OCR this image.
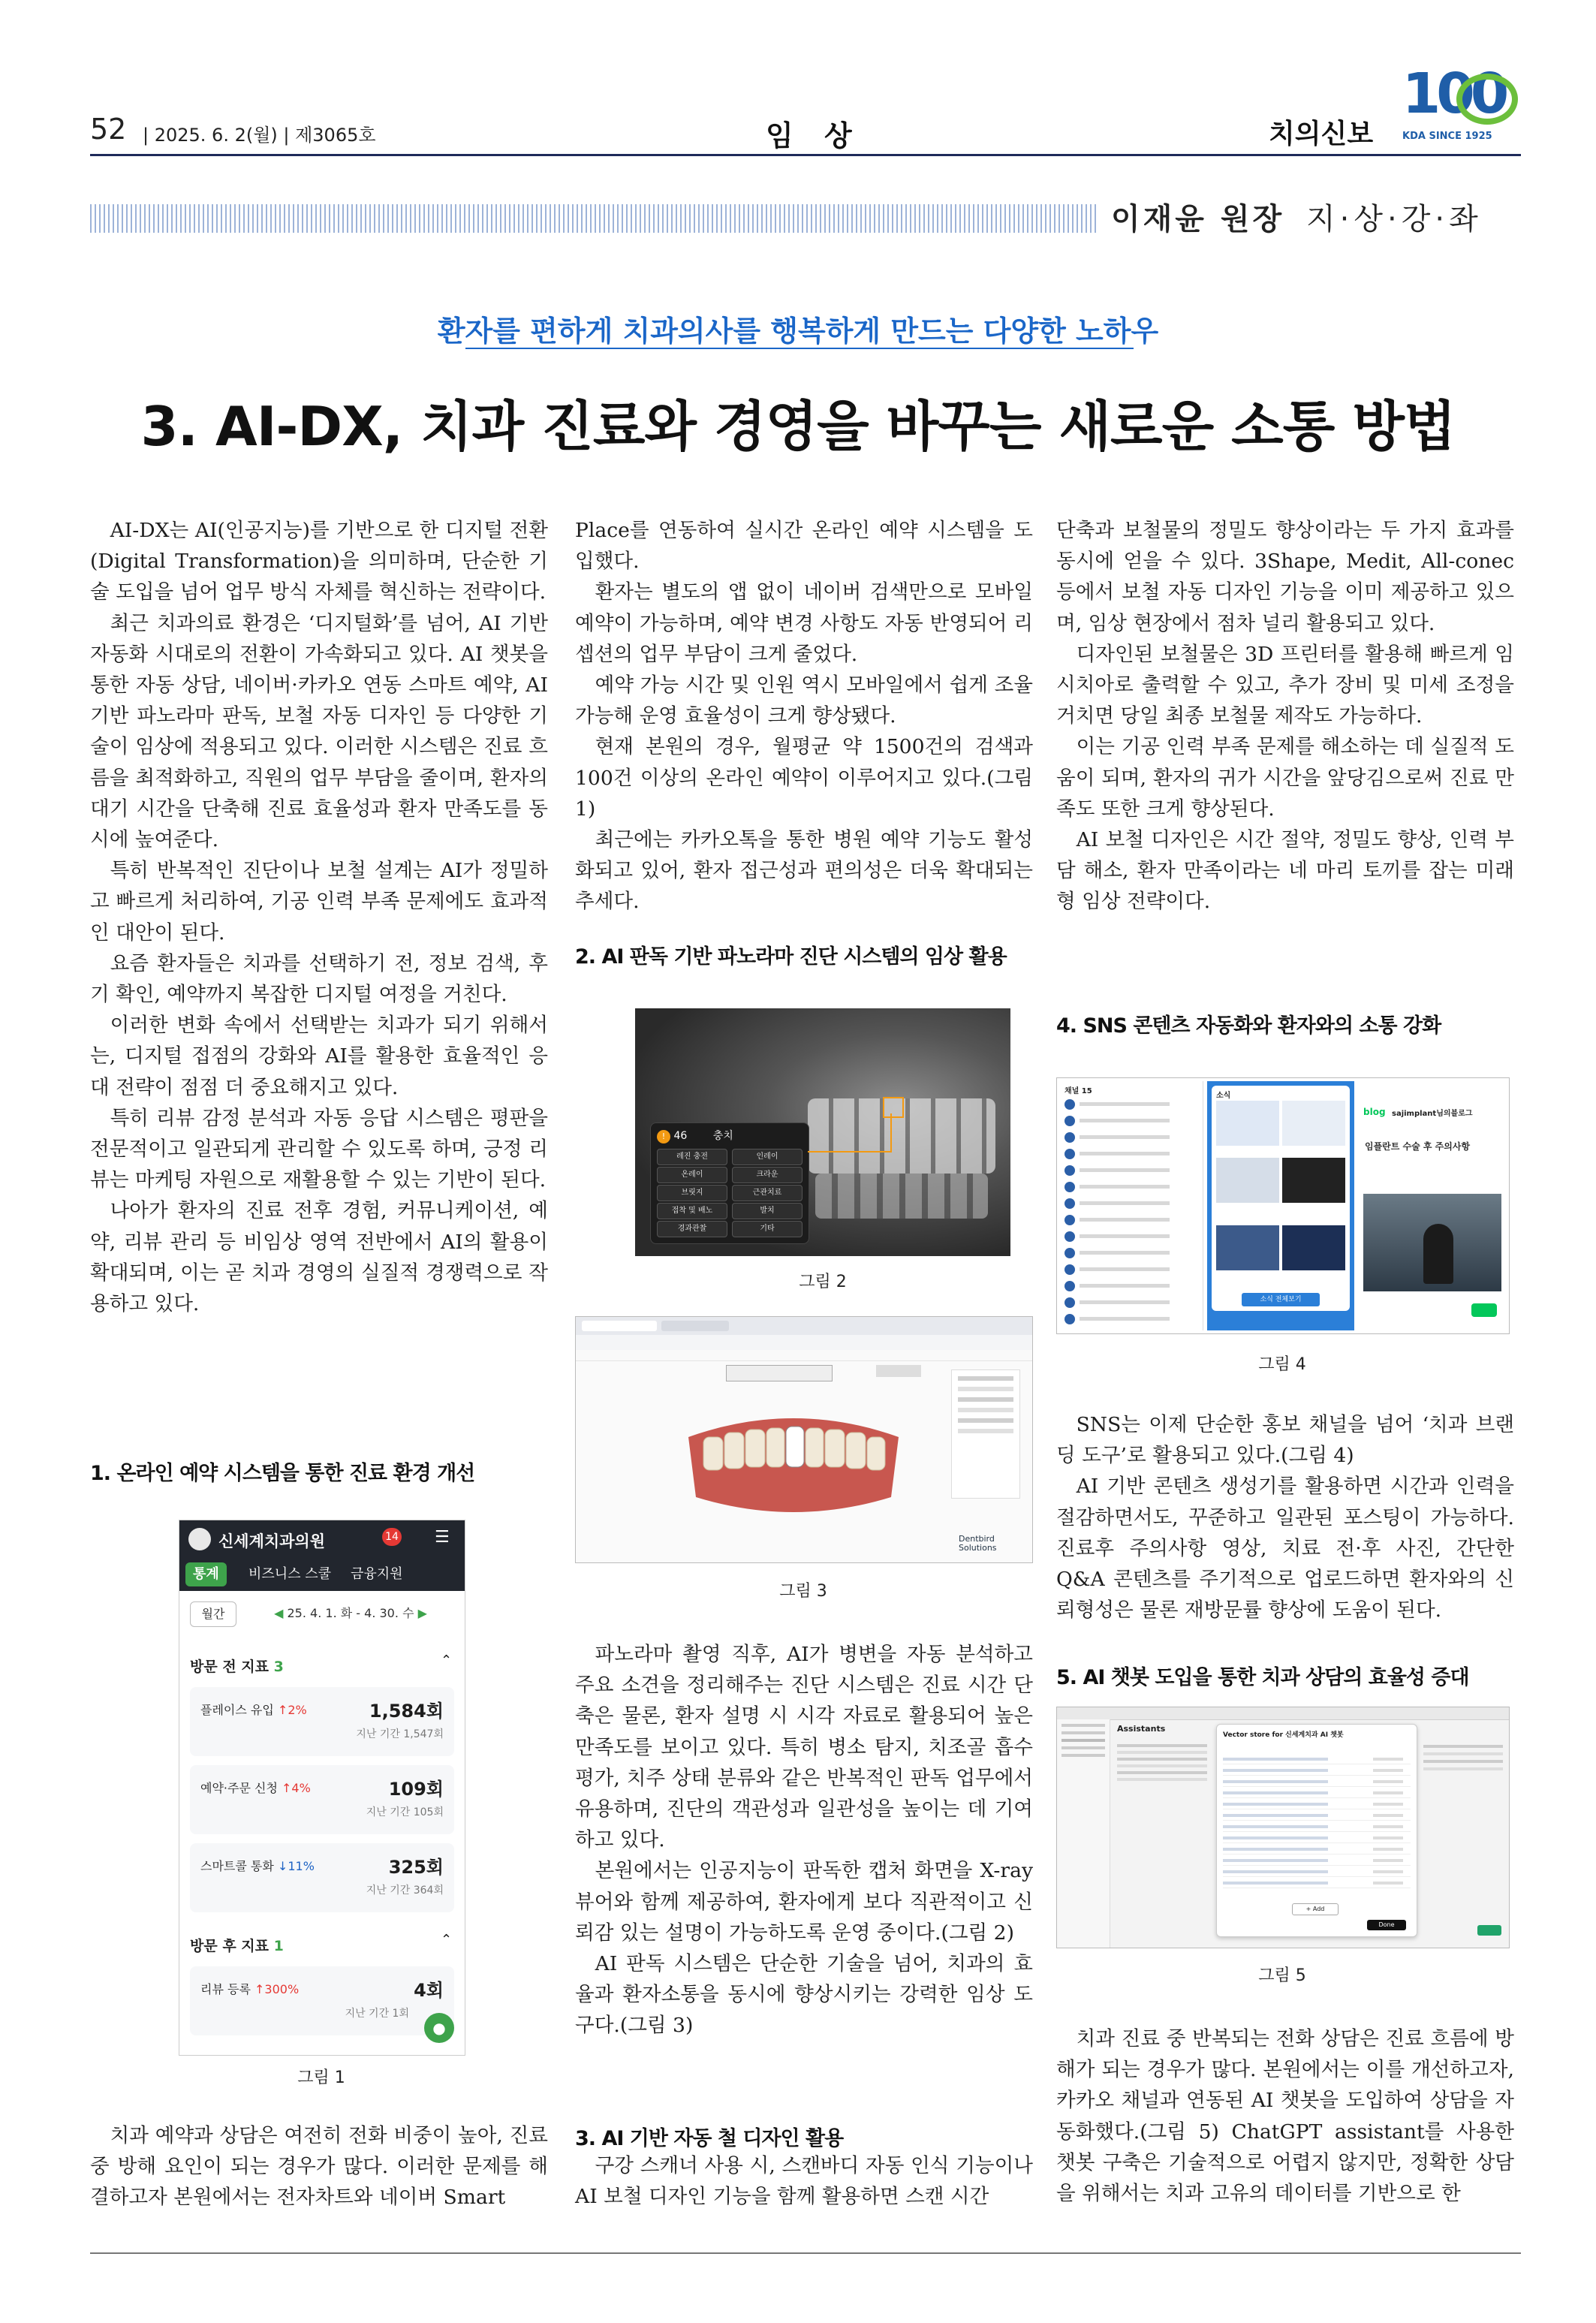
52 | 2025. 6. 2(월) | 제3065호	임 상	치의신보
100
KDA SINCE 1925
이재윤 원장 지·상·강·좌
환자를 편하게 치과의사를 행복하게 만드는 다양한 노하우
3. AI-DX, 치과 진료와 경영을 바꾸는 새로운 소통 방법

AI-DX는 AI(인공지능)를 기반으로 한 디지털 전환(Digital Transformation)을 의미하며, 단순한 기술 도입을 넘어 업무 방식 자체를 혁신하는 전략이다.

최근 치과의료 환경은 ‘디지털화’를 넘어, AI 기반 자동화 시대로의 전환이 가속화되고 있다. AI 챗봇을 통한 자동 상담, 네이버·카카오 연동 스마트 예약, AI 기반 파노라마 판독, 보철 자동 디자인 등 다양한 기술이 임상에 적용되고 있다. 이러한 시스템은 진료 흐름을 최적화하고, 직원의 업무 부담을 줄이며, 환자의 대기 시간을 단축해 진료 효율성과 환자 만족도를 동시에 높여준다.

특히 반복적인 진단이나 보철 설계는 AI가 정밀하고 빠르게 처리하여, 기공 인력 부족 문제에도 효과적인 대안이 된다.

요즘 환자들은 치과를 선택하기 전, 정보 검색, 후기 확인, 예약까지 복잡한 디지털 여정을 거친다.

이러한 변화 속에서 선택받는 치과가 되기 위해서는, 디지털 접점의 강화와 AI를 활용한 효율적인 응대 전략이 점점 더 중요해지고 있다.

특히 리뷰 감정 분석과 자동 응답 시스템은 평판을 전문적이고 일관되게 관리할 수 있도록 하며, 긍정 리뷰는 마케팅 자원으로 재활용할 수 있는 기반이 된다.

나아가 환자의 진료 전후 경험, 커뮤니케이션, 예약, 리뷰 관리 등 비임상 영역 전반에서 AI의 활용이 확대되며, 이는 곧 치과 경영의 실질적 경쟁력으로 작용하고 있다.

1. 온라인 예약 시스템을 통한 진료 환경 개선
신세계치과의원	14 ☰
통계	비즈니스 스쿨	금융지원
월간	◀ 25. 4. 1. 화 - 4. 30. 수 ▶
방문 전 지표 3	⌃
플레이스 유입 ↑2%	1,584회
지난 기간 1,547회
예약·주문 신청 ↑4%	109회
지난 기간 105회
스마트콜 통화 ↓11%	325회
지난 기간 364회
방문 후 지표 1	⌃
리뷰 등록 ↑300%	4회
지난 기간 1회
●
그림 1

치과 예약과 상담은 여전히 전화 비중이 높아, 진료 중 방해 요인이 되는 경우가 많다. 이러한 문제를 해결하고자 본원에서는 전자차트와 네이버 Smart

Place를 연동하여 실시간 온라인 예약 시스템을 도입했다.

환자는 별도의 앱 없이 네이버 검색만으로 모바일 예약이 가능하며, 예약 변경 사항도 자동 반영되어 리셉션의 업무 부담이 크게 줄었다.

예약 가능 시간 및 인원 역시 모바일에서 쉽게 조율 가능해 운영 효율성이 크게 향상됐다.

현재 본원의 경우, 월평균 약 1500건의 검색과 100건 이상의 온라인 예약이 이루어지고 있다.(그림 1)

최근에는 카카오톡을 통한 병원 예약 기능도 활성화되고 있어, 환자 접근성과 편의성은 더욱 확대되는 추세다.

2. AI 판독 기반 파노라마 진단 시스템의 임상 활용
! 46 충치
레진 충전	인레이
온레이	크라운
브릿지	근관치료
접착 및 배노	발치
경과관찰	기타
그림 2
Dentbird Solutions
그림 3

파노라마 촬영 직후, AI가 병변을 자동 분석하고 주요 소견을 정리해주는 진단 시스템은 진료 시간 단축은 물론, 환자 설명 시 시각 자료로 활용되어 높은 만족도를 보이고 있다. 특히 병소 탐지, 치조골 흡수 평가, 치주 상태 분류와 같은 반복적인 판독 업무에서 유용하며, 진단의 객관성과 일관성을 높이는 데 기여하고 있다.

본원에서는 인공지능이 판독한 캡처 화면을 X-ray 뷰어와 함께 제공하여, 환자에게 보다 직관적이고 신뢰감 있는 설명이 가능하도록 운영 중이다.(그림 2)

AI 판독 시스템은 단순한 기술을 넘어, 치과의 효율과 환자소통을 동시에 향상시키는 강력한 임상 도구다.(그림 3)

3. AI 기반 자동 철 디자인 활용

구강 스캐너 사용 시, 스캔바디 자동 인식 기능이나 AI 보철 디자인 기능을 함께 활용하면 스캔 시간

단축과 보철물의 정밀도 향상이라는 두 가지 효과를 동시에 얻을 수 있다. 3Shape, Medit, All-conec 등에서 보철 자동 디자인 기능을 이미 제공하고 있으며, 임상 현장에서 점차 널리 활용되고 있다.

디자인된 보철물은 3D 프린터를 활용해 빠르게 임시치아로 출력할 수 있고, 추가 장비 및 미세 조정을 거치면 당일 최종 보철물 제작도 가능하다.

이는 기공 인력 부족 문제를 해소하는 데 실질적 도움이 되며, 환자의 귀가 시간을 앞당김으로써 진료 만족도 또한 크게 향상된다.

AI 보철 디자인은 시간 절약, 정밀도 향상, 인력 부담 해소, 환자 만족이라는 네 마리 토끼를 잡는 미래형 임상 전략이다.

4. SNS 콘텐츠 자동화와 환자와의 소통 강화
채널 15
소식
소식 전체보기
blog sajimplant님의블로그
임플란트 수술 후 주의사항
그림 4

SNS는 이제 단순한 홍보 채널을 넘어 ‘치과 브랜딩 도구’로 활용되고 있다.(그림 4)

AI 기반 콘텐츠 생성기를 활용하면 시간과 인력을 절감하면서도, 꾸준하고 일관된 포스팅이 가능하다. 진료후 주의사항 영상, 치료 전·후 사진, 간단한 Q&A 콘텐츠를 주기적으로 업로드하면 환자와의 신뢰형성은 물론 재방문률 향상에 도움이 된다.

5. AI 챗봇 도입을 통한 치과 상담의 효율성 증대
Assistants
Vector store for 신세계치과 AI 챗봇
+ Add
Done
그림 5

치과 진료 중 반복되는 전화 상담은 진료 흐름에 방해가 되는 경우가 많다. 본원에서는 이를 개선하고자, 카카오 채널과 연동된 AI 챗봇을 도입하여 상담을 자동화했다.(그림 5) ChatGPT assistant를 사용한 챗봇 구축은 기술적으로 어렵지 않지만, 정확한 상담을 위해서는 치과 고유의 데이터를 기반으로 한
